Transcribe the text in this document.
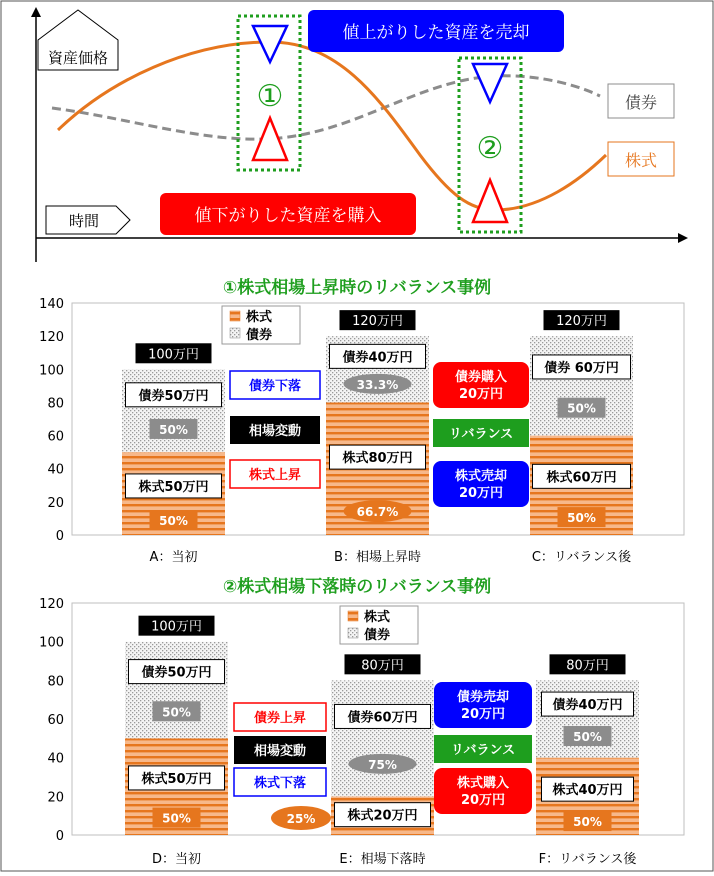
資産価格
時間
①
②
値上がりした資産を売却
値下がりした資産を購入
債券
株式
①株式相場上昇時のリバランス事例
0
20
40
60
80
100
120
140
100万円
債券50万円
50%
株式50万円
50%
120万円
債券40万円
33.3%
株式80万円
66.7%
120万円
債券 60万円
50%
株式60万円
50%
A：当初	B：相場上昇時	C：リバランス後
株式
債券
債券下落
相場変動
株式上昇
債券購入 20万円
リバランス
株式売却 20万円
②株式相場下落時のリバランス事例
0
20
40
60
80
100
120
100万円
債券50万円
50%
株式50万円
50%
80万円
債券60万円
75%
株式20万円
25%
80万円
債券40万円
50%
株式40万円
50%
D：当初	E：相場下落時	F：リバランス後
株式
債券
債券上昇
相場変動
株式下落
債券売却 20万円
リバランス
株式購入 20万円
